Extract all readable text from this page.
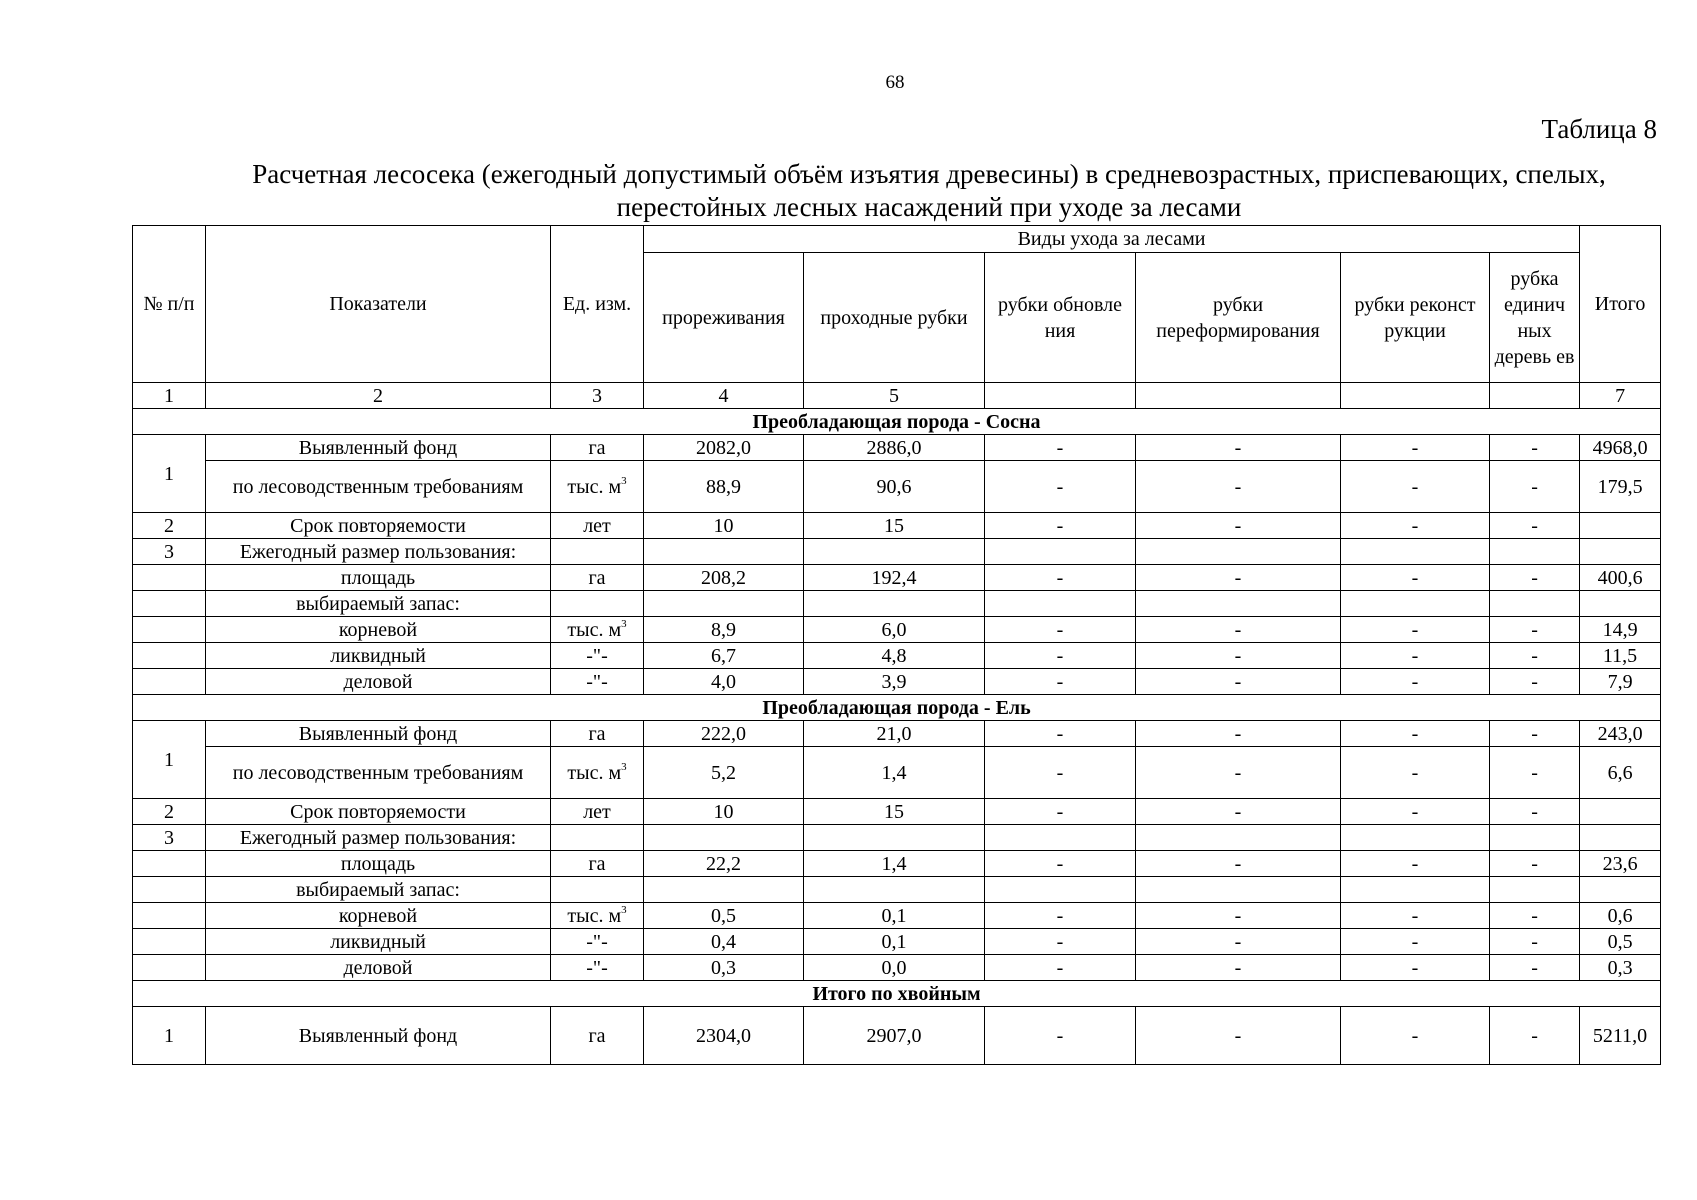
68
Таблица 8
Расчетная лесосека (ежегодный допустимый объём изъятия древесины) в средневозрастных, приспевающих, спелых,
перестойных лесных насаждений при уходе за лесами
№ п/п	Показатели	Ед. изм.	Виды ухода за лесами						Итого
			прореживания	проходные рубки	рубки обновле ния	рубки переформирования	рубки реконст рукции	рубка единич ных деревь ев	
1	2	3	4	5					7
Преобладающая порода - Сосна									
1	Выявленный фонд	га	2082,0	2886,0	-	-	-	-	4968,0
	по лесоводственным требованиям	тыс. $м^3$	88,9	90,6	-	-	-	-	179,5
2	Срок повторяемости	лет	10	15	-	-	-	-	
3	Ежегодный размер пользования:								
	площадь	га	208,2	192,4	-	-	-	-	400,6
	выбираемый запас:								
	корневой	тыс. $м^3$	8,9	6,0	-	-	-	-	14,9
	ликвидный	-"-	6,7	4,8	-	-	-	-	11,5
	деловой	-"-	4,0	3,9	-	-	-	-	7,9
Преобладающая порода - Ель									
1	Выявленный фонд	га	222,0	21,0	-	-	-	-	243,0
	по лесоводственным требованиям	тыс. $м^3$	5,2	1,4	-	-	-	-	6,6
2	Срок повторяемости	лет	10	15	-	-	-	-	
3	Ежегодный размер пользования:								
	площадь	га	22,2	1,4	-	-	-	-	23,6
	выбираемый запас:								
	корневой	тыс. $м^3$	0,5	0,1	-	-	-	-	0,6
	ликвидный	-"-	0,4	0,1	-	-	-	-	0,5
	деловой	-"-	0,3	0,0	-	-	-	-	0,3
Итого по хвойным									
1	Выявленный фонд	га	2304,0	2907,0	-	-	-	-	5211,0
